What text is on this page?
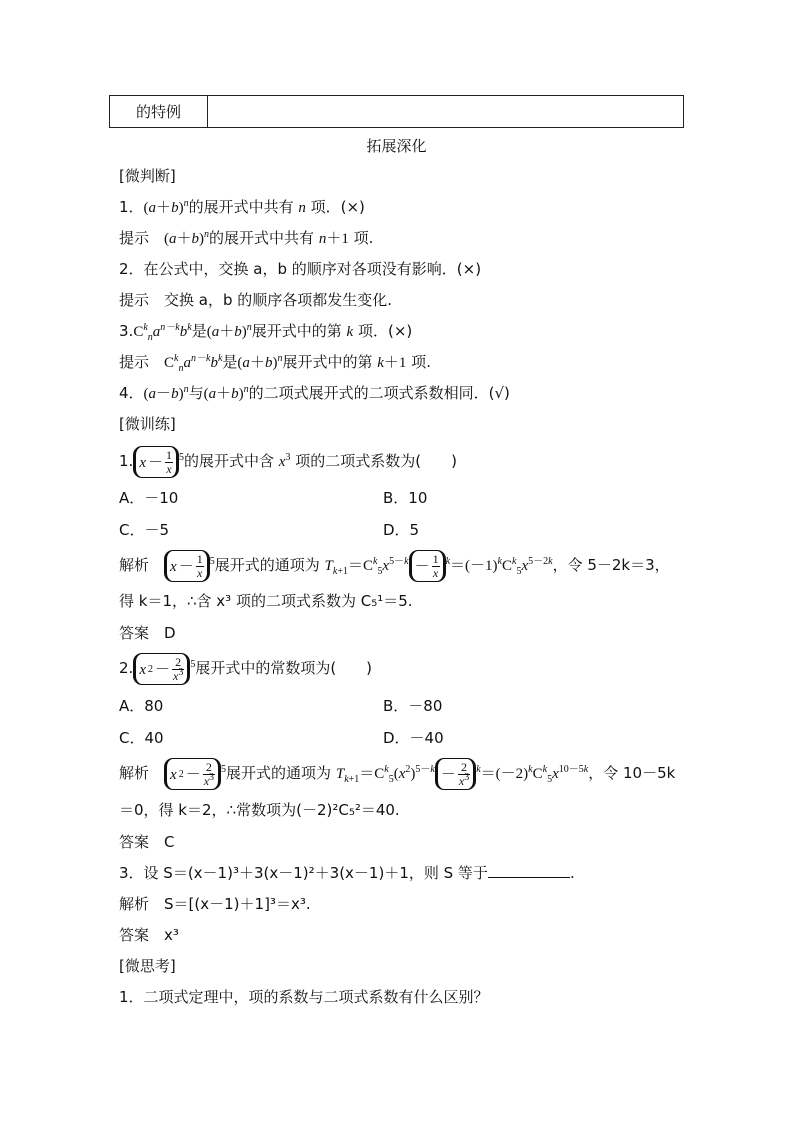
的特例
拓展深化
[微判断]
1．$(a+b)^n$的展开式中共有 n 项．(×)
提示　 $(a+b)^n$的展开式中共有 n＋1 项.
2．在公式中，交换 a，b 的顺序对各项没有影响．(×)
提示　 交换 a，b 的顺序各项都发生变化.
$3.C^k_na^{n-k}b^k$是$(a+b)^n$展开式中的第 k 项．(×)
提示　 $C^k_na^{n-k}b^k$是$(a+b)^n$展开式中的第 k＋1 项.
4．$(a-b)^n$与$(a+b)^n$的二项式展开式的二项式系数相同．(√)
[微训练]
1. $x - \frac{1}{x} ^5$的展开式中含 $x^3$ 项的二项式系数为(　　)
A．－10	B．10
C．－5	D．5
解析　 $x - \frac{1}{x} ^5$展开式的通项为 $T_{k+1}=C^k_5x^{5-k} - \frac{1}{x} ^k=(-1)^kC^k_5x^{5-2k}$，令 5－2k＝3，
得 k＝1，∴含 x³ 项的二项式系数为 C₅¹＝5.
答案　 D
2. x $2 - \frac{2}{x^3} ^5$展开式中的常数项为(　　)
A．80	B．－80
C．40	D．－40
解析　 x $2 - \frac{2}{x^3} ^5$展开式的通项为 $T_{k+1}=C^k_5(x^2)^{5-k} - \frac{2}{x^3} ^k=(-2)^kC^k_5x^{10-5k}$，令 10－5k
＝0，得 k＝2，∴常数项为(－2)²C₅²＝40.
答案　 C
3．设 S＝(x－1)³＋3(x－1)²＋3(x－1)＋1，则 S 等于	.
解析　 S＝[(x－1)＋1]³＝x³.
答案　 x³
[微思考]
1．二项式定理中，项的系数与二项式系数有什么区别？
